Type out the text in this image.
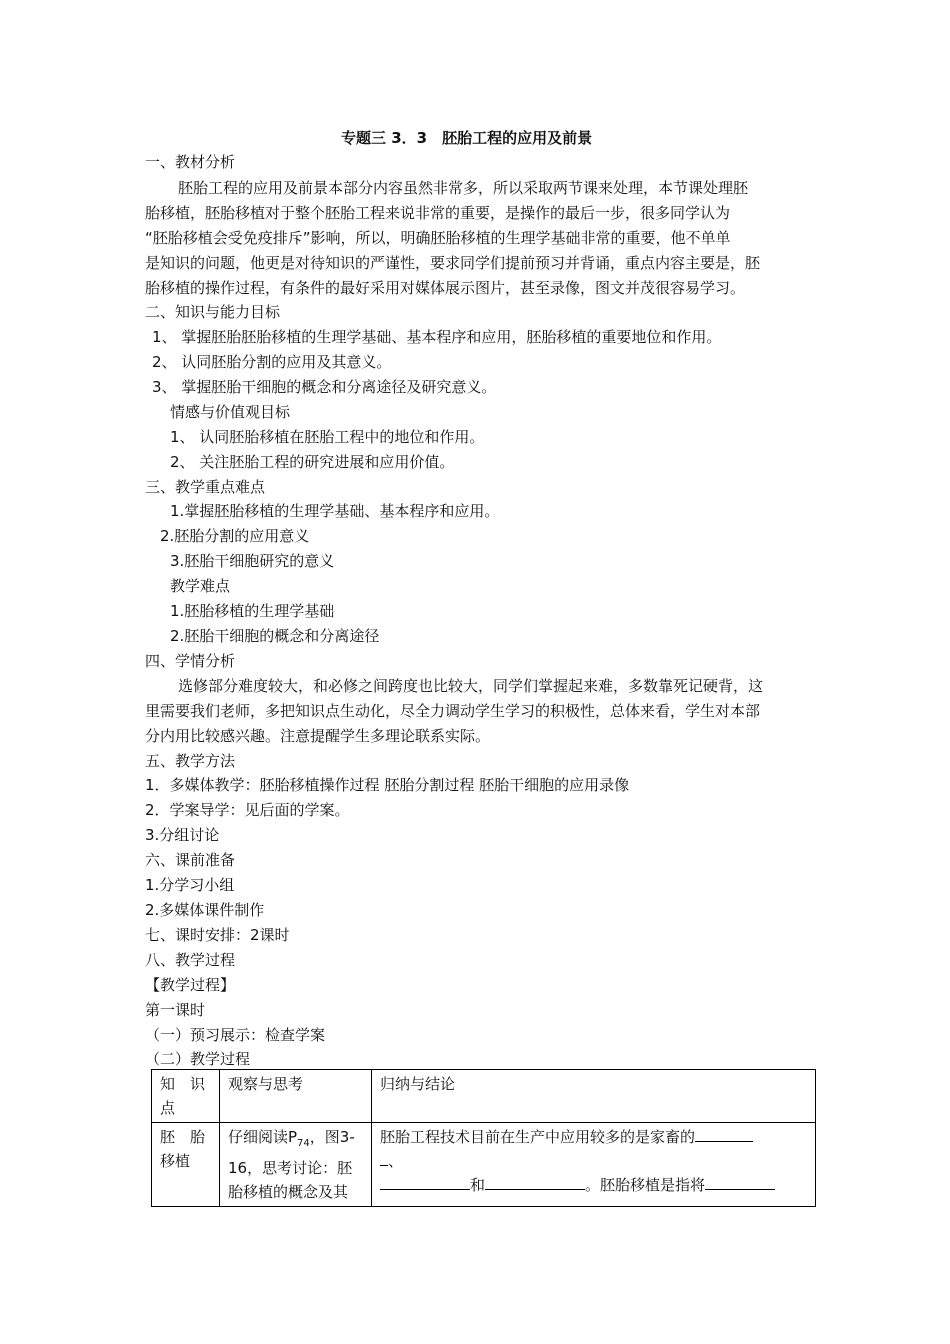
专题三 3．3　胚胎工程的应用及前景
一、教材分析
胚胎工程的应用及前景本部分内容虽然非常多，所以采取两节课来处理，本节课处理胚
胎移植，胚胎移植对于整个胚胎工程来说非常的重要，是操作的最后一步，很多同学认为
“胚胎移植会受免疫排斥”影响，所以，明确胚胎移植的生理学基础非常的重要，他不单单
是知识的问题，他更是对待知识的严谨性，要求同学们提前预习并背诵，重点内容主要是，胚
胎移植的操作过程，有条件的最好采用对媒体展示图片，甚至录像，图文并茂很容易学习。
二、知识与能力目标
1、 掌握胚胎胚胎移植的生理学基础、基本程序和应用，胚胎移植的重要地位和作用。
2、 认同胚胎分割的应用及其意义。
3、 掌握胚胎干细胞的概念和分离途径及研究意义。
情感与价值观目标
1、 认同胚胎移植在胚胎工程中的地位和作用。
2、 关注胚胎工程的研究进展和应用价值。
三、教学重点难点
1.掌握胚胎移植的生理学基础、基本程序和应用。
2.胚胎分割的应用意义
3.胚胎干细胞研究的意义
教学难点
1.胚胎移植的生理学基础
2.胚胎干细胞的概念和分离途径
四、学情分析
选修部分难度较大，和必修之间跨度也比较大，同学们掌握起来难，多数靠死记硬背，这
里需要我们老师，多把知识点生动化，尽全力调动学生学习的积极性，总体来看，学生对本部
分内用比较感兴趣。注意提醒学生多理论联系实际。
五、教学方法
1．多媒体教学：胚胎移植操作过程 胚胎分割过程 胚胎干细胞的应用录像
2．学案导学：见后面的学案。
3.分组讨论
六、课前准备
1.分学习小组
2.多媒体课件制作
七、课时安排：2课时
八、教学过程
【教学过程】
第一课时
（一）预习展示：检查学案
（二）教学过程
知　识　点	观察与思考	归纳与结论
胚　胎　移植	仔细阅读$P_{74}$，图3-16，思考讨论：胚胎移植的概念及其	胚胎工程技术目前在生产中应用较多的是家畜的
、
和 。胚胎移植是指将
